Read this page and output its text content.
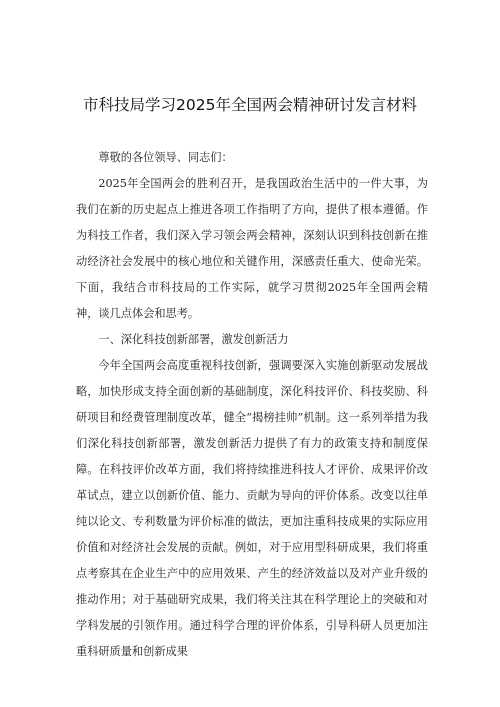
市科技局学习2025年全国两会精神研讨发言材料

尊敬的各位领导、同志们：

2025年全国两会的胜利召开，是我国政治生活中的一件大事，为我们在新的历史起点上推进各项工作指明了方向，提供了根本遵循。作为科技工作者，我们深入学习领会两会精神，深刻认识到科技创新在推动经济社会发展中的核心地位和关键作用，深感责任重大、使命光荣。下面，我结合市科技局的工作实际，就学习贯彻2025年全国两会精神，谈几点体会和思考。

一、深化科技创新部署，激发创新活力

今年全国两会高度重视科技创新，强调要深入实施创新驱动发展战略，加快形成支持全面创新的基础制度，深化科技评价、科技奖励、科研项目和经费管理制度改革，健全“揭榜挂帅”机制。这一系列举措为我们深化科技创新部署，激发创新活力提供了有力的政策支持和制度保障。在科技评价改革方面，我们将持续推进科技人才评价、成果评价改革试点，建立以创新价值、能力、贡献为导向的评价体系。改变以往单纯以论文、专利数量为评价标准的做法，更加注重科技成果的实际应用价值和对经济社会发展的贡献。例如，对于应用型科研成果，我们将重点考察其在企业生产中的应用效果、产生的经济效益以及对产业升级的推动作用；对于基础研究成果，我们将关注其在科学理论上的突破和对学科发展的引领作用。通过科学合理的评价体系，引导科研人员更加注重科研质量和创新成果
